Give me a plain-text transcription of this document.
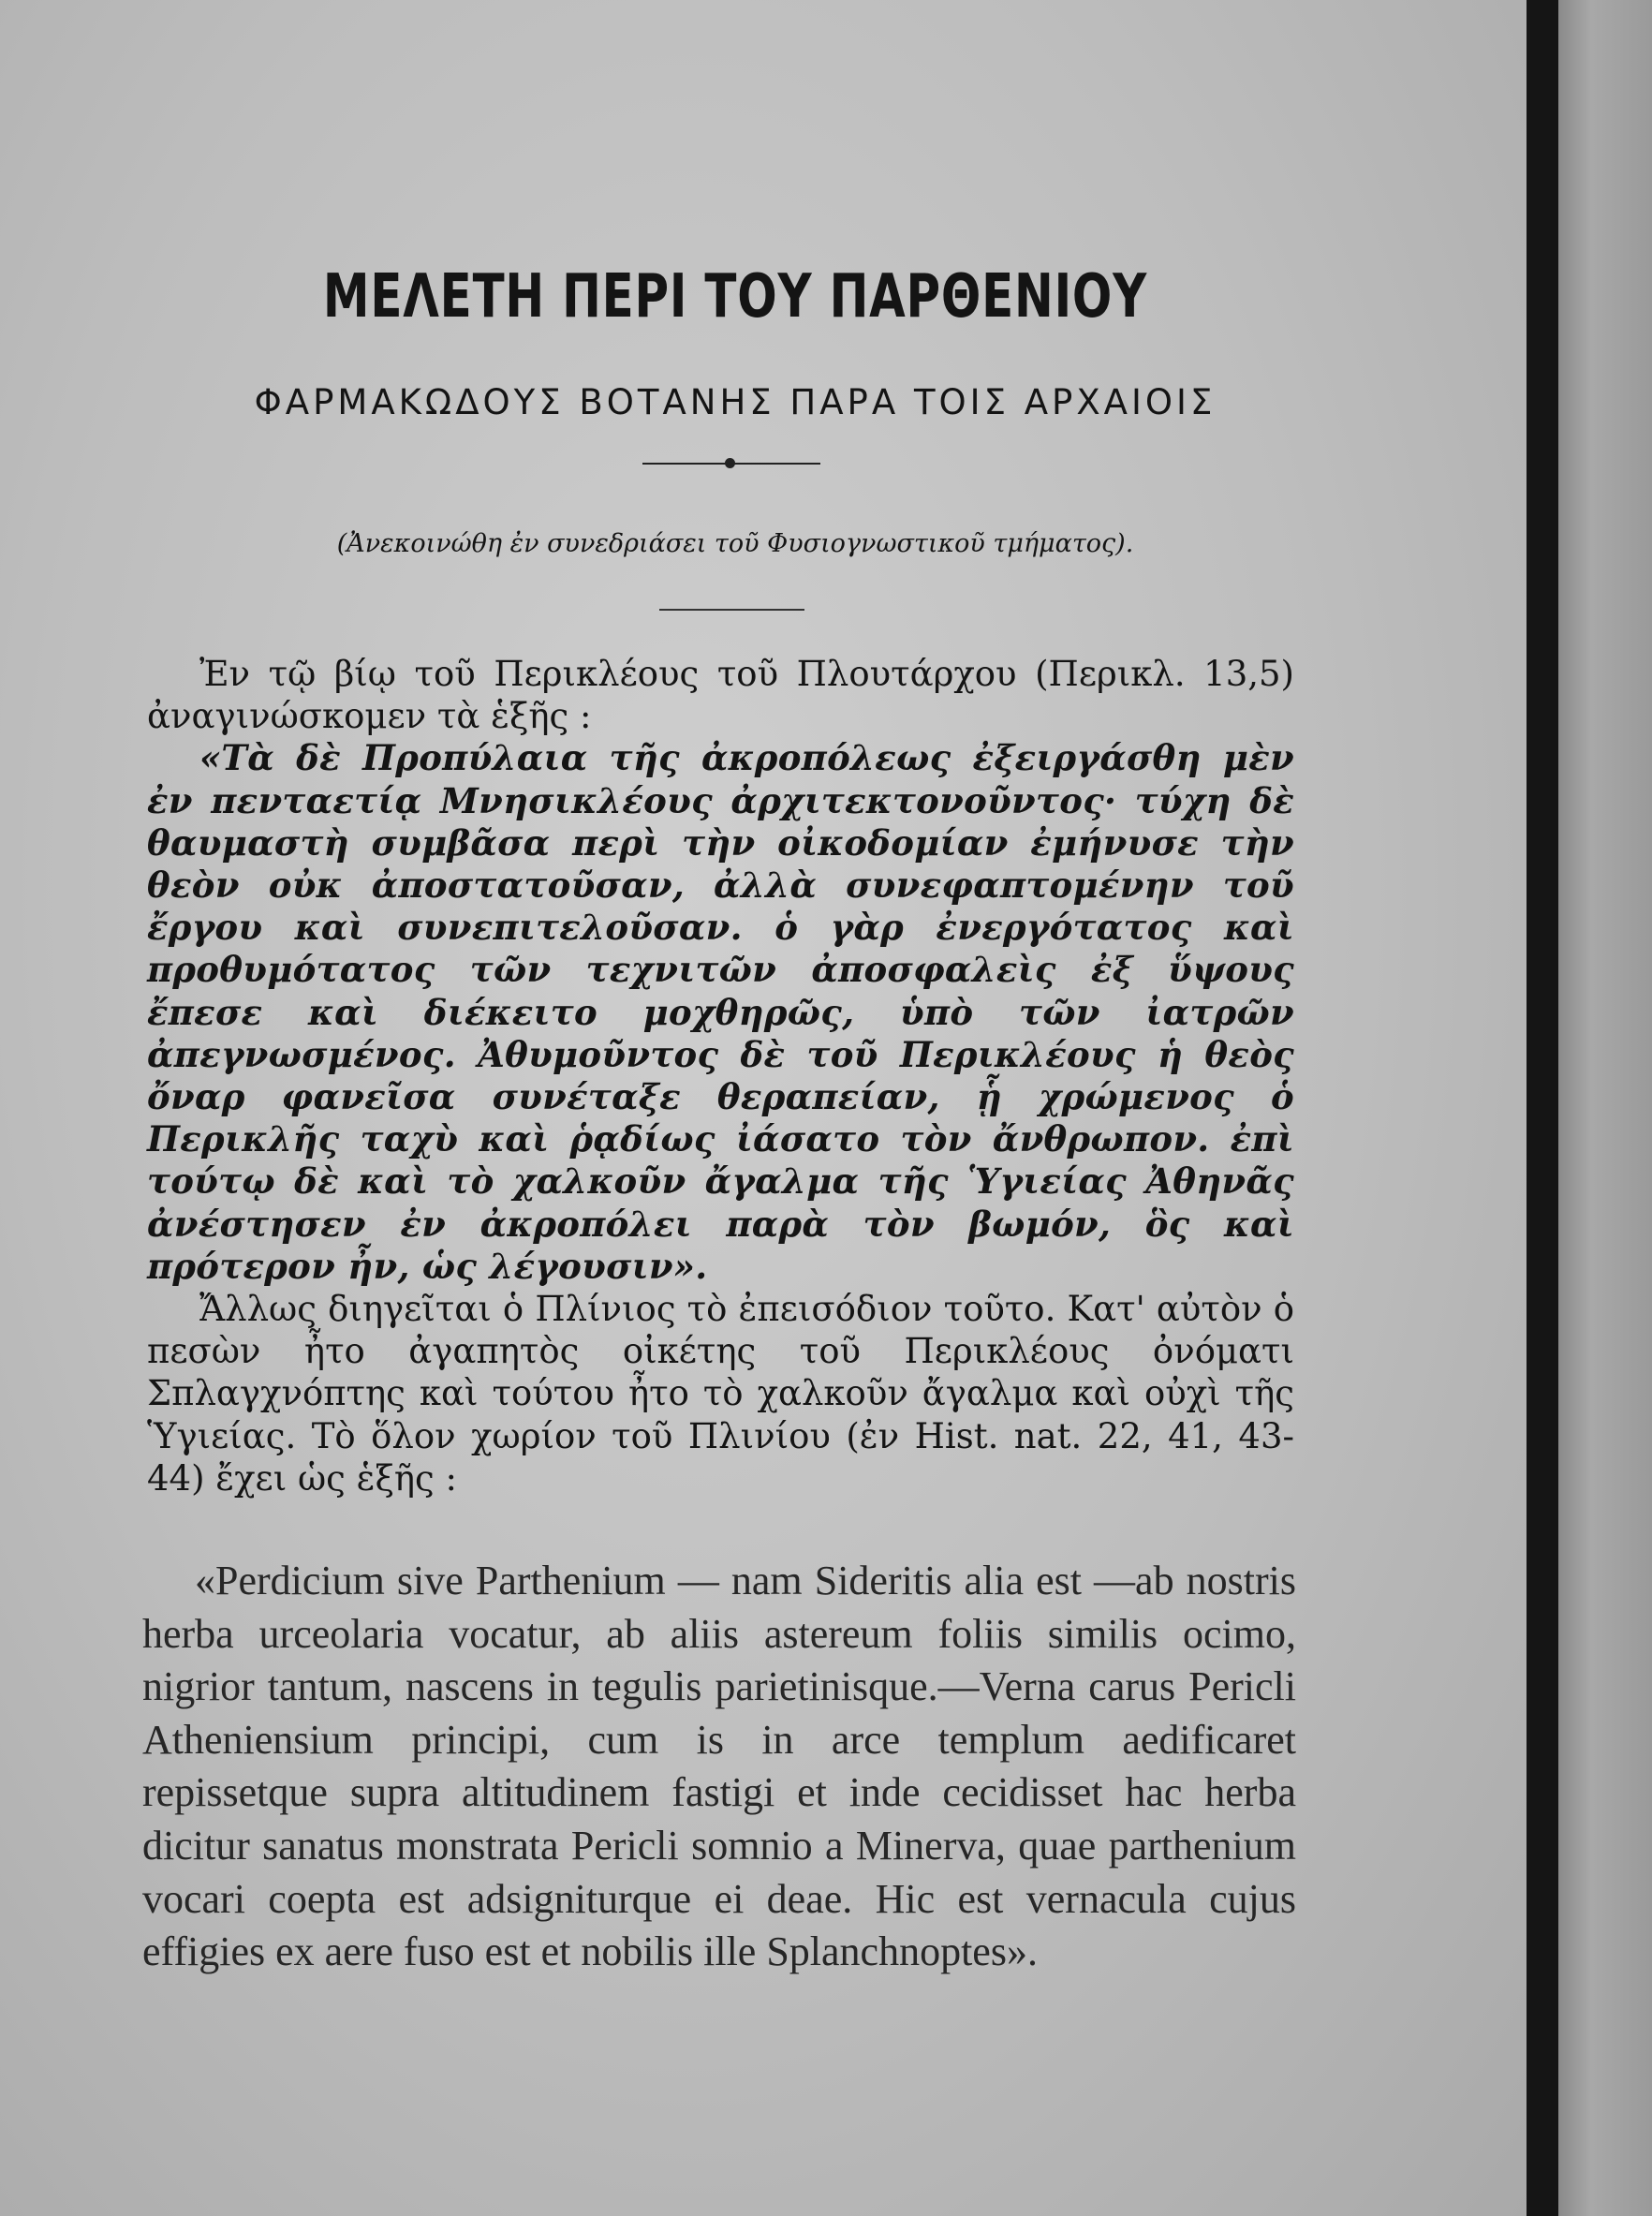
ΜΕΛΕΤΗ ΠΕΡΙ ΤΟΥ ΠΑΡΘΕΝΙΟΥ
ΦΑΡΜΑΚΩΔΟΥΣ ΒΟΤΑΝΗΣ ΠΑΡΑ ΤΟΙΣ ΑΡΧΑΙΟΙΣ
(Ἀνεκοινώθη ἐν συνεδριάσει τοῦ Φυσιογνωστικοῦ τμήματος).

Ἐν τῷ βίῳ τοῦ Περικλέους τοῦ Πλουτάρχου (Περικλ. 13,5) ἀναγινώσκομεν τὰ ἑξῆς :

«Τὰ δὲ Προπύλαια τῆς ἀκροπόλεως ἐξειργάσθη μὲν ἐν πενταετίᾳ Μνησικλέους ἀρχιτεκτονοῦντος· τύχη δὲ θαυμαστὴ συμβᾶσα περὶ τὴν οἰκοδομίαν ἐμήνυσε τὴν θεὸν οὐκ ἀποστατοῦσαν, ἀλλὰ συνεφαπτομένην τοῦ ἔργου καὶ συνεπιτελοῦσαν. ὁ γὰρ ἐνεργότατος καὶ προθυμότατος τῶν τεχνιτῶν ἀποσφαλεὶς ἐξ ὕψους ἔπεσε καὶ διέκειτο μοχθηρῶς, ὑπὸ τῶν ἰατρῶν ἀπεγνωσμένος. Ἀθυμοῦντος δὲ τοῦ Περικλέους ἡ θεὸς ὄναρ φανεῖσα συνέταξε θεραπείαν, ᾗ χρώμενος ὁ Περικλῆς ταχὺ καὶ ῥᾳδίως ἰάσατο τὸν ἄνθρωπον. ἐπὶ τούτῳ δὲ καὶ τὸ χαλκοῦν ἄγαλμα τῆς Ὑγιείας Ἀθηνᾶς ἀνέστησεν ἐν ἀκροπόλει παρὰ τὸν βωμόν, ὃς καὶ πρότερον ἦν, ὡς λέγουσιν».

Ἄλλως διηγεῖται ὁ Πλίνιος τὸ ἐπεισόδιον τοῦτο. Κατ' αὐτὸν ὁ πεσὼν ἦτο ἀγαπητὸς οἰκέτης τοῦ Περικλέους ὀνόματι Σπλαγχνόπτης καὶ τούτου ἦτο τὸ χαλκοῦν ἄγαλμα καὶ οὐχὶ τῆς Ὑγιείας. Τὸ ὅλον χωρίον τοῦ Πλινίου (ἐν Hist. nat. 22, 41, 43-44) ἔχει ὡς ἑξῆς :

«Perdicium sive Parthenium — nam Sideritis alia est —ab nostris herba urceolaria vocatur, ab aliis astereum foliis similis ocimo, nigrior tantum, nascens in tegulis parietinisque.—Verna carus Pericli Atheniensium principi, cum is in arce templum aedificaret repissetque supra altitudinem fastigi et inde cecidisset hac herba dicitur sanatus monstrata Pericli somnio a Minerva, quae parthenium vocari coepta est adsigniturque ei deae. Hic est vernacula cujus effigies ex aere fuso est et nobilis ille Splanchnoptes».
